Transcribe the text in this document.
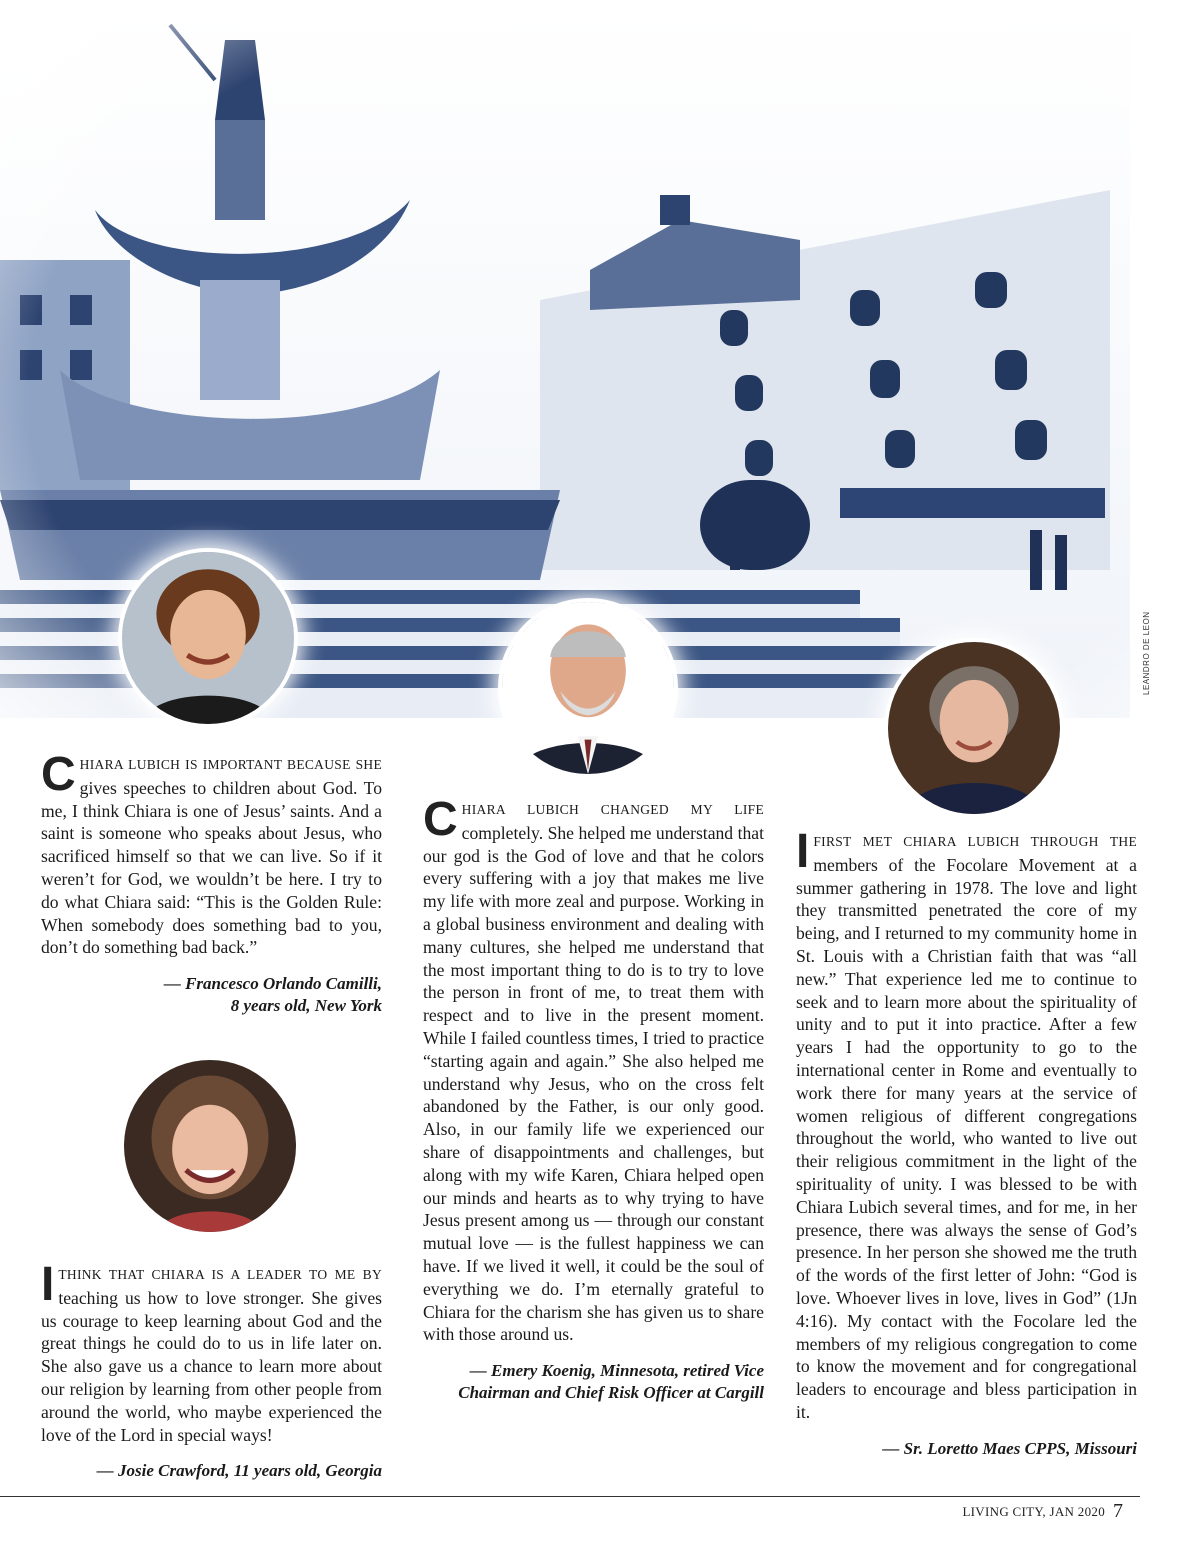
LEANDRO DE LEON

CHIARA LUBICH IS IMPORTANT BECAUSE SHE gives speeches to children about God. To me, I think Chiara is one of Jesus’ saints. And a saint is someone who speaks about Jesus, who sacrificed himself so that we can live. So if it weren’t for God, we wouldn’t be here. I try to do what Chiara said: “This is the Golden Rule: When somebody does something bad to you, don’t do something bad back.”

— Francesco Orlando Camilli,
8 years old, New York

ITHINK THAT CHIARA IS A LEADER TO ME BY teaching us how to love stronger. She gives us courage to keep learning about God and the great things he could do to us in life later on. She also gave us a chance to learn more about our religion by learning from other people from around the world, who maybe experienced the love of the Lord in special ways!

— Josie Crawford, 11 years old, Georgia

CHIARA LUBICH CHANGED MY LIFE completely. She helped me understand that our god is the God of love and that he colors every suffering with a joy that makes me live my life with more zeal and purpose. Working in a global business environment and dealing with many cultures, she helped me understand that the most important thing to do is to try to love the person in front of me, to treat them with respect and to live in the present moment. While I failed countless times, I tried to practice “starting again and again.” She also helped me understand why Jesus, who on the cross felt abandoned by the Father, is our only good. Also, in our family life we experienced our share of disappointments and challenges, but along with my wife Karen, Chiara helped open our minds and hearts as to why trying to have Jesus present among us — through our constant mutual love — is the fullest happiness we can have. If we lived it well, it could be the soul of everything we do. I’m eternally grateful to Chiara for the charism she has given us to share with those around us.

— Emery Koenig, Minnesota, retired Vice
Chairman and Chief Risk Officer at Cargill

IFIRST MET CHIARA LUBICH THROUGH THE members of the Focolare Movement at a summer gathering in 1978. The love and light they transmitted penetrated the core of my being, and I returned to my community home in St. Louis with a Christian faith that was “all new.” That experience led me to continue to seek and to learn more about the spirituality of unity and to put it into practice. After a few years I had the opportunity to go to the international center in Rome and eventually to work there for many years at the service of women religious of different congregations throughout the world, who wanted to live out their religious commitment in the light of the spirituality of unity. I was blessed to be with Chiara Lubich several times, and for me, in her presence, there was always the sense of God’s presence. In her person she showed me the truth of the words of the first letter of John: “God is love. Whoever lives in love, lives in God” (1Jn 4:16). My contact with the Focolare led the members of my religious congregation to come to know the movement and for congregational leaders to encourage and bless participation in it.

— Sr. Loretto Maes CPPS, Missouri

LIVING CITY, JAN 2020 7
